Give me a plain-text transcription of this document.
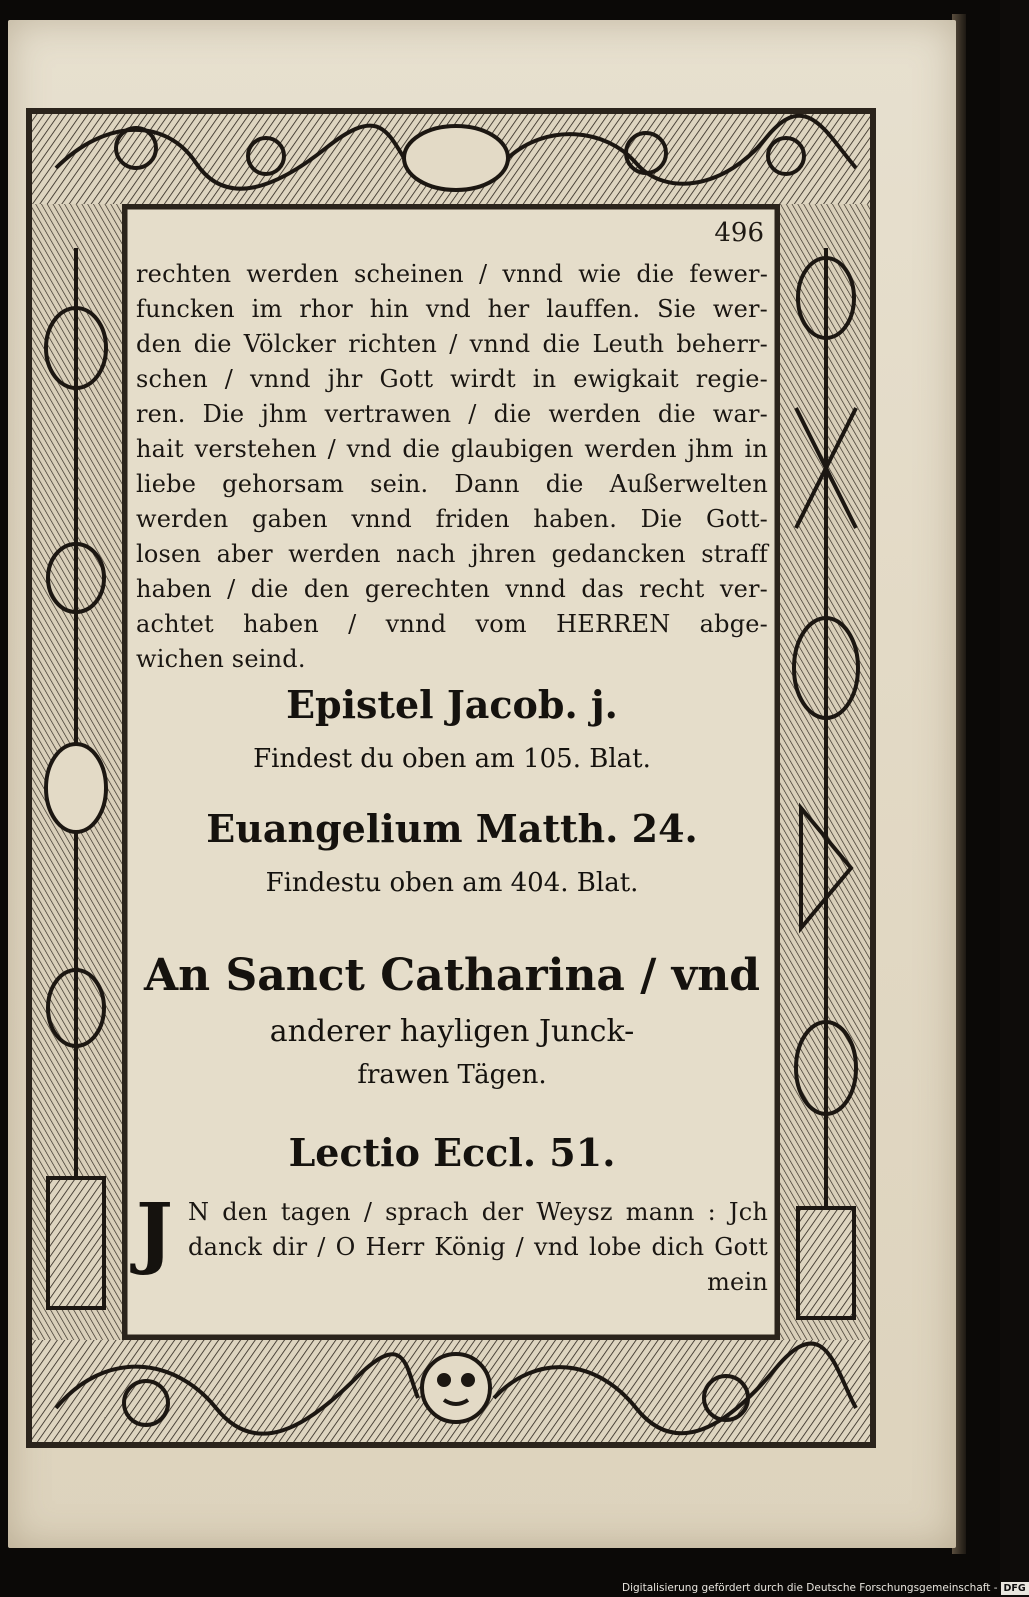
496
rechten werden scheinen / vnnd wie die fewer-
funcken im rhor hin vnd her lauffen. Sie wer-
den die Völcker richten / vnnd die Leuth beherr-
schen / vnnd jhr Gott wirdt in ewigkait regie-
ren. Die jhm vertrawen / die werden die war-
hait verstehen / vnd die glaubigen werden jhm in
liebe gehorsam sein. Dann die Außerwelten
werden gaben vnnd friden haben. Die Gott-
losen aber werden nach jhren gedancken straff
haben / die den gerechten vnnd das recht ver-
achtet haben / vnnd vom HERREN abge-
wichen seind.
Epistel Jacob. j.
Findest du oben am 105. Blat.
Euangelium Matth. 24.
Findestu oben am 404. Blat.
An Sanct Catharina / vnd
anderer hayligen Junck-
frawen Tägen.
Lectio Eccl. 51.
J N den tagen / sprach der Weysz mann : Jch
danck dir / O Herr König / vnd lobe dich Gott
mein
Digitalisierung gefördert durch die Deutsche Forschungsgemeinschaft - DFG
